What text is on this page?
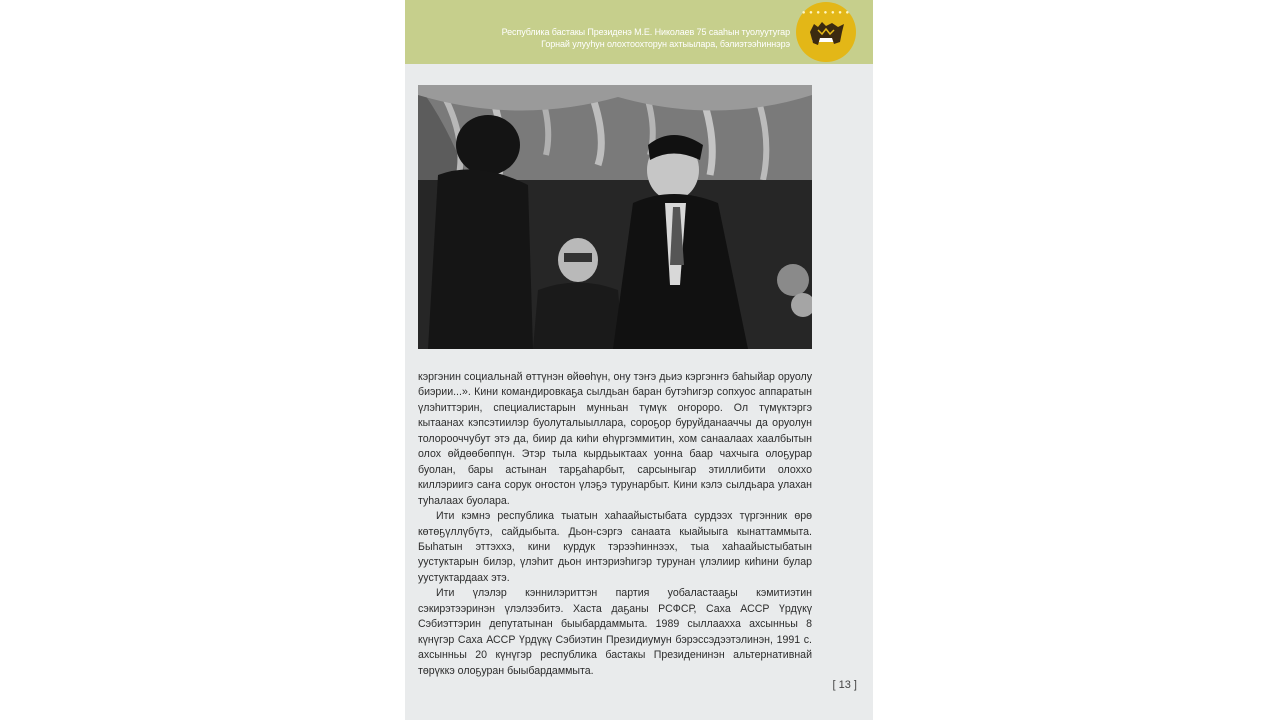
Республика бастакы Президенэ М.Е. Николаев 75 сааһын туолуутугар
Горнай улууһун олохтоохторун ахтыылара, бэлиэтээһиннэрэ
● ● ● ● ● ● ●

кэргэнин социальнай өттүнэн өйөөһүн, ону тэҥэ дьиэ кэргэнҥэ баһыйар оруолу биэрии...». Кини командировкаҕа сылдьан баран бутэһигэр сопхуос аппаратын үлэһиттэрин, специалистарын мунньан түмүк оҥороро. Ол түмүктэргэ кытаанах кэпсэтиилэр буолуталыыллара, сороҕор буруйданааччы да оруолун толорооччубут этэ да, биир да киһи өһүргэммитин, хом санаалаах хаалбытын олох өйдөөбөппүн. Этэр тыла кырдьыктаах уонна баар чахчыга олоҕурар буолан, бары астынан тарҕаһарбыт, сарсыныгар этиллибити олоххо киллэриигэ саҥа сорук оҥостон үлэҕэ турунарбыт. Кини кэлэ сылдьара улахан туһалаах буолара.

Ити кэмнэ республика тыатын хаһаайыстыбата сурдээх түргэнник өрө көтөҕүллүбүтэ, сайдыбыта. Дьон-сэргэ санаата кыайыыга кынаттаммыта. Быһатын эттэххэ, кини курдук тэрээһиннээх, тыа хаһаайыстыбатын уустуктарын билэр, үлэһит дьон интэриэһигэр турунан үлэлиир киһини булар уустуктардаах этэ.

Ити үлэлэр кэннилэриттэн партия уобаластааҕы кэмитиэтин сэкирэтээринэн үлэлээбитэ. Хаста даҕаны РСФСР, Саха АССР Үрдүкү Сэбиэттэрин депутатынан быыбардаммыта. 1989 сыллаахха ахсынньы 8 күнүгэр Саха АССР Үрдүкү Сэбиэтин Президиумун бэрэссэдээтэлинэн, 1991 с. ахсынньы 20 күнүгэр республика бастакы Президенинэн альтернативнай төрүккэ олоҕуран быыбардаммыта.

[ 13 ]
